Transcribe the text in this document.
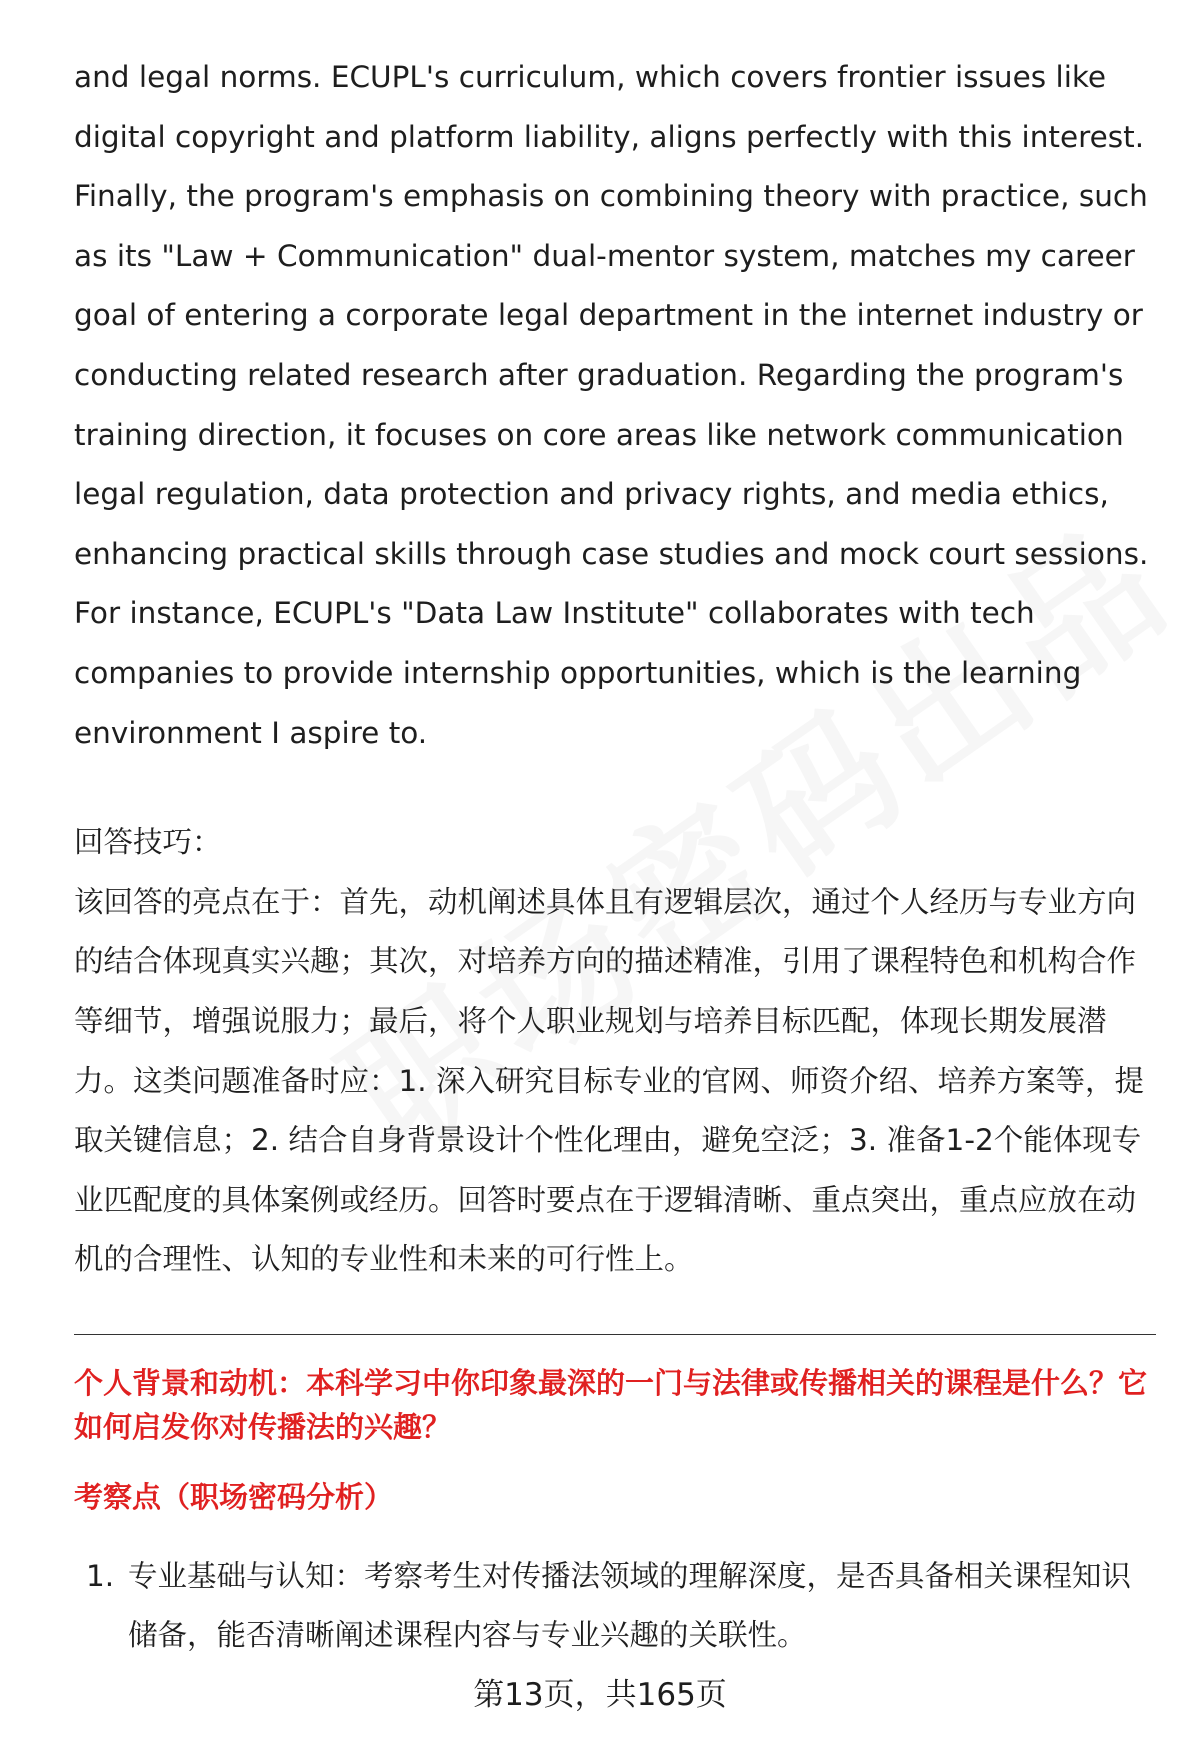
and legal norms. ECUPL's curriculum, which covers frontier issues like digital copyright and platform liability, aligns perfectly with this interest. Finally, the program's emphasis on combining theory with practice, such as its "Law + Communication" dual-mentor system, matches my career goal of entering a corporate legal department in the internet industry or conducting related research after graduation. Regarding the program's training direction, it focuses on core areas like network communication legal regulation, data protection and privacy rights, and media ethics, enhancing practical skills through case studies and mock court sessions. For instance, ECUPL's "Data Law Institute" collaborates with tech companies to provide internship opportunities, which is the learning environment I aspire to.

回答技巧：

该回答的亮点在于：首先，动机阐述具体且有逻辑层次，通过个人经历与专业方向的结合体现真实兴趣；其次，对培养方向的描述精准，引用了课程特色和机构合作等细节，增强说服力；最后，将个人职业规划与培养目标匹配，体现长期发展潜力。这类问题准备时应：1. 深入研究目标专业的官网、师资介绍、培养方案等，提取关键信息；2. 结合自身背景设计个性化理由，避免空泛；3. 准备1-2个能体现专业匹配度的具体案例或经历。回答时要点在于逻辑清晰、重点突出，重点应放在动机的合理性、认知的专业性和未来的可行性上。

个人背景和动机：本科学习中你印象最深的一门与法律或传播相关的课程是什么？它如何启发你对传播法的兴趣？

考察点（职场密码分析）

1. 专业基础与认知：考察考生对传播法领域的理解深度，是否具备相关课程知识储备，能否清晰阐述课程内容与专业兴趣的关联性。
第13页，共165页
